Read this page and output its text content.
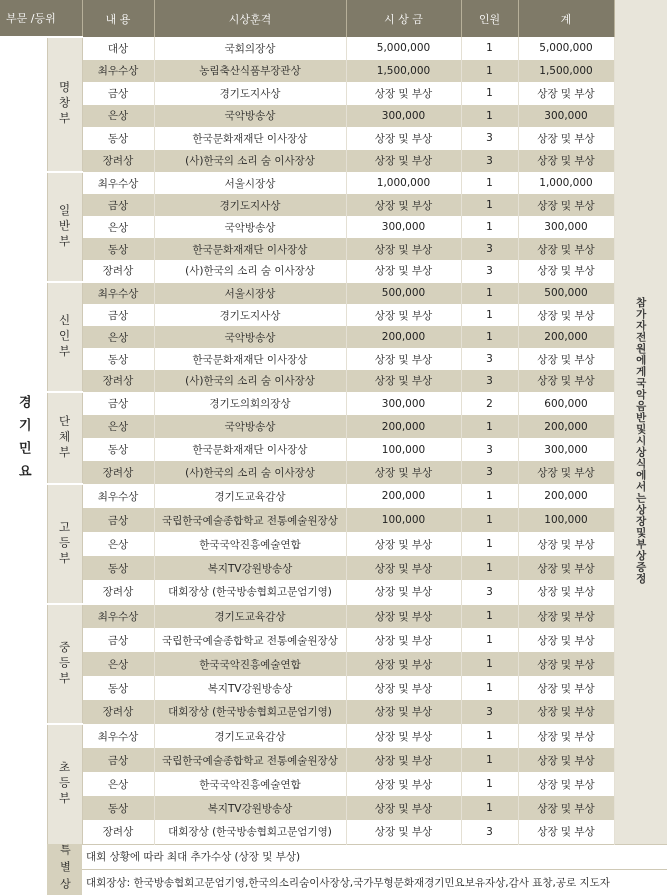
부문 /등위		내 용	시상훈격	시 상 금	인원	계	
경기민요	명창부	대상	국회의장상	5,000,000	1	5,000,000	참가자전원에게국악음반및시상식에서는상장및부상증정
		최우수상	농림축산식품부장관상	1,500,000	1	1,500,000	
		금상	경기도지사상	상장 및 부상	1	상장 및 부상	
		은상	국악방송상	300,000	1	300,000	
		동상	한국문화재재단 이사장상	상장 및 부상	3	상장 및 부상	
		장려상	(사)한국의 소리 숨 이사장상	상장 및 부상	3	상장 및 부상	
	일반부	최우수상	서울시장상	1,000,000	1	1,000,000	
		금상	경기도지사상	상장 및 부상	1	상장 및 부상	
		은상	국악방송상	300,000	1	300,000	
		동상	한국문화재재단 이사장상	상장 및 부상	3	상장 및 부상	
		장려상	(사)한국의 소리 숨 이사장상	상장 및 부상	3	상장 및 부상	
	신인부	최우수상	서울시장상	500,000	1	500,000	
		금상	경기도지사상	상장 및 부상	1	상장 및 부상	
		은상	국악방송상	200,000	1	200,000	
		동상	한국문화재재단 이사장상	상장 및 부상	3	상장 및 부상	
		장려상	(사)한국의 소리 숨 이사장상	상장 및 부상	3	상장 및 부상	
	단체부	금상	경기도의회의장상	300,000	2	600,000	
		은상	국악방송상	200,000	1	200,000	
		동상	한국문화재재단 이사장상	100,000	3	300,000	
		장려상	(사)한국의 소리 숨 이사장상	상장 및 부상	3	상장 및 부상	
	고등부	최우수상	경기도교육감상	200,000	1	200,000	
		금상	국립한국예술종합학교 전통예술원장상	100,000	1	100,000	
		은상	한국국악진흥예술연합	상장 및 부상	1	상장 및 부상	
		동상	복지TV강원방송상	상장 및 부상	1	상장 및 부상	
		장려상	대회장상 (한국방송협회고문엄기영)	상장 및 부상	3	상장 및 부상	
	중등부	최우수상	경기도교육감상	상장 및 부상	1	상장 및 부상	
		금상	국립한국예술종합학교 전통예술원장상	상장 및 부상	1	상장 및 부상	
		은상	한국국악진흥예술연합	상장 및 부상	1	상장 및 부상	
		동상	복지TV강원방송상	상장 및 부상	1	상장 및 부상	
		장려상	대회장상 (한국방송협회고문엄기영)	상장 및 부상	3	상장 및 부상	
	초등부	최우수상	경기도교육감상	상장 및 부상	1	상장 및 부상	
		금상	국립한국예술종합학교 전통예술원장상	상장 및 부상	1	상장 및 부상	
		은상	한국국악진흥예술연합	상장 및 부상	1	상장 및 부상	
		동상	복지TV강원방송상	상장 및 부상	1	상장 및 부상	
		장려상	대회장상 (한국방송협회고문엄기영)	상장 및 부상	3	상장 및 부상	
	특별상	대회 상황에 따라 최대 추가수상 (상장 및 부상)					
		대회장상: 한국방송협회고문엄기영,한국의소리숨이사장상,국가무형문화재경기민요보유자상,감사 표창,공로 지도자					
